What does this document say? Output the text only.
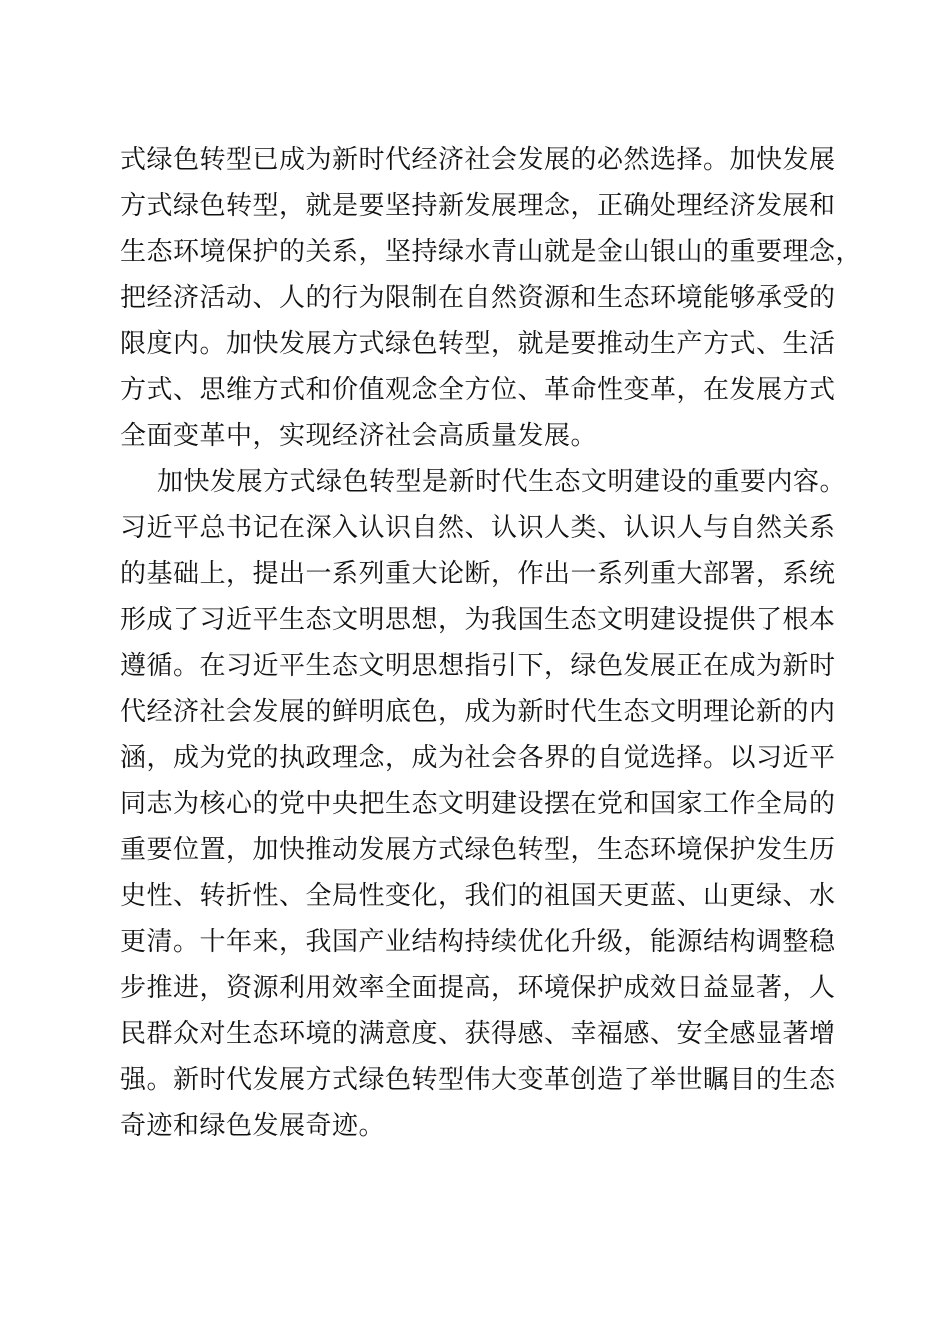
式绿色转型已成为新时代经济社会发展的必然选择。加快发展
方式绿色转型，就是要坚持新发展理念，正确处理经济发展和
生态环境保护的关系，坚持绿水青山就是金山银山的重要理念，
把经济活动、人的行为限制在自然资源和生态环境能够承受的
限度内。加快发展方式绿色转型，就是要推动生产方式、生活
方式、思维方式和价值观念全方位、革命性变革，在发展方式
全面变革中，实现经济社会高质量发展。
加快发展方式绿色转型是新时代生态文明建设的重要内容。
习近平总书记在深入认识自然、认识人类、认识人与自然关系
的基础上，提出一系列重大论断，作出一系列重大部署，系统
形成了习近平生态文明思想，为我国生态文明建设提供了根本
遵循。在习近平生态文明思想指引下，绿色发展正在成为新时
代经济社会发展的鲜明底色，成为新时代生态文明理论新的内
涵，成为党的执政理念，成为社会各界的自觉选择。以习近平
同志为核心的党中央把生态文明建设摆在党和国家工作全局的
重要位置，加快推动发展方式绿色转型，生态环境保护发生历
史性、转折性、全局性变化，我们的祖国天更蓝、山更绿、水
更清。十年来，我国产业结构持续优化升级，能源结构调整稳
步推进，资源利用效率全面提高，环境保护成效日益显著，人
民群众对生态环境的满意度、获得感、幸福感、安全感显著增
强。新时代发展方式绿色转型伟大变革创造了举世瞩目的生态
奇迹和绿色发展奇迹。
